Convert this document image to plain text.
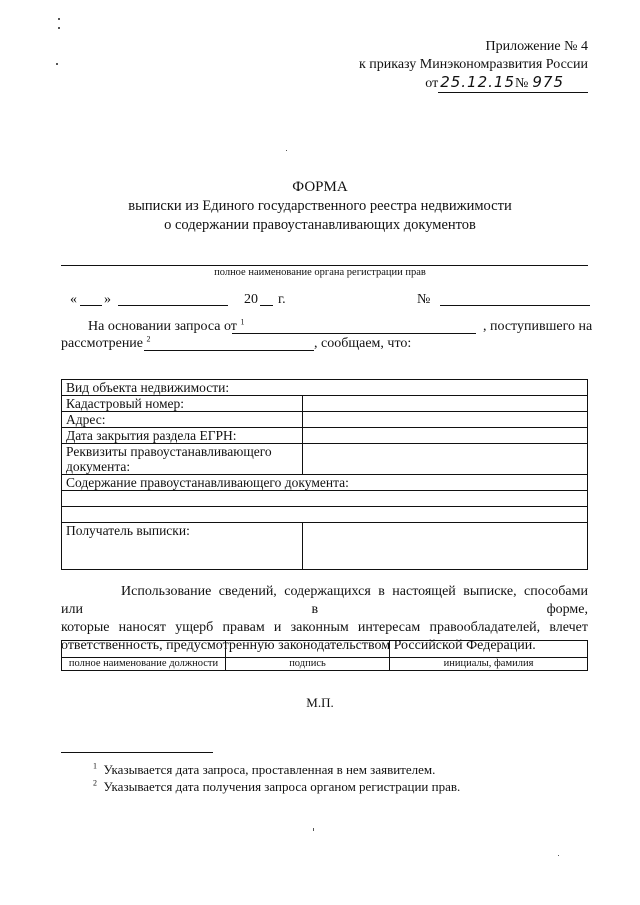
Приложение № 4
к приказу Минэкономразвития России
от 25.12.15№ 975
ФОРМА
выписки из Единого государственного реестра недвижимости
о содержании правоустанавливающих документов
полное наименование органа регистрации прав
« »	20 г.	№
На основании запроса от $^1$	, поступившего на
рассмотрение $^2$	, сообщаем, что:
Вид объекта недвижимости:	
Кадастровый номер:	
Адрес:	
Дата закрытия раздела ЕГРН:	
Реквизиты правоустанавливающего документа:	
Содержание правоустанавливающего документа:	

Получатель выписки:	
Использование сведений, содержащихся в настоящей выписке, способами или в форме,
которые наносят ущерб правам и законным интересам правообладателей, влечет
ответственность, предусмотренную законодательством Российской Федерации.

полное наименование должности	подпись	инициалы, фамилия
М.П.
$^1$ Указывается дата запроса, проставленная в нем заявителем.
$^2$ Указывается дата получения запроса органом регистрации прав.
